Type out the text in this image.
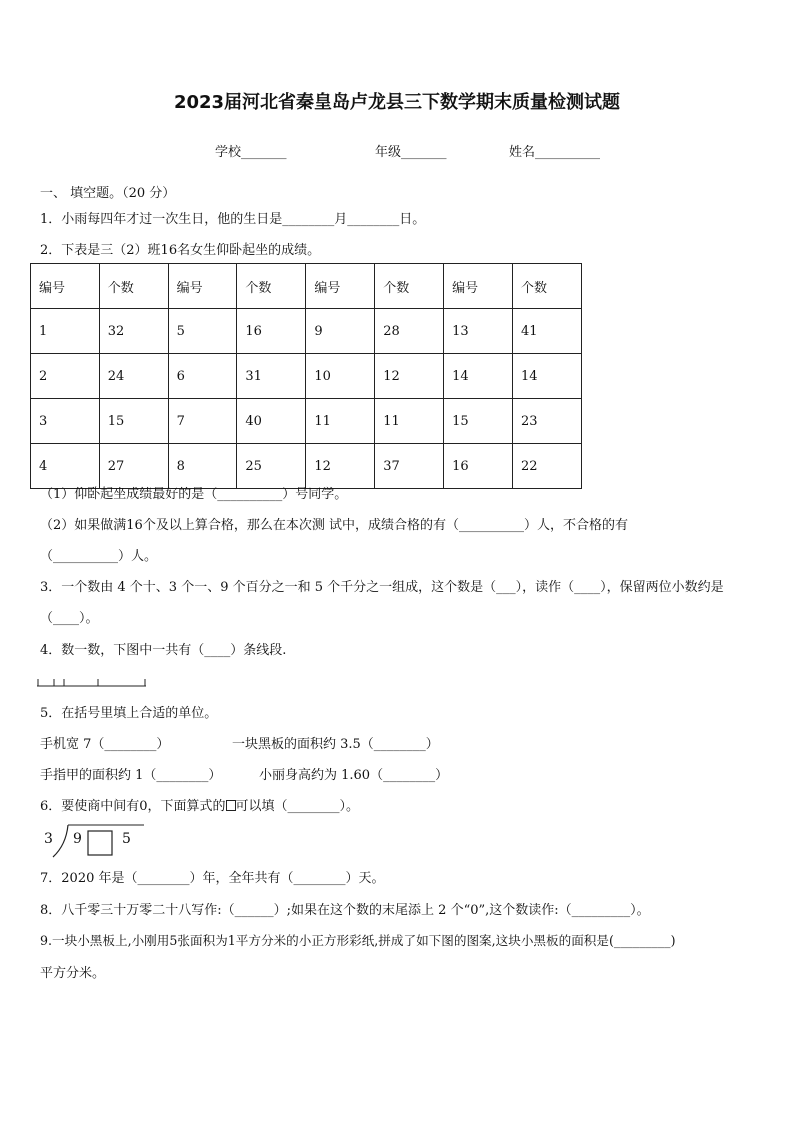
2023届河北省秦皇岛卢龙县三下数学期末质量检测试题
学校_______	年级_______	姓名__________
一、 填空题。（20 分）
1．小雨每四年才过一次生日，他的生日是________月________日。
2．下表是三（2）班16名女生仰卧起坐的成绩。
编号	个数	编号	个数	编号	个数	编号	个数
1	32	5	16	9	28	13	41
2	24	6	31	10	12	14	14
3	15	7	40	11	11	15	23
4	27	8	25	12	37	16	22
（1）仰卧起坐成绩最好的是（__________）号同学。
（2）如果做满16个及以上算合格，那么在本次测 试中，成绩合格的有（__________）人，不合格的有
（__________）人。
3．一个数由 4 个十、3 个一、9 个百分之一和 5 个千分之一组成，这个数是（___），读作（____），保留两位小数约是
（____）。
4．数一数，下图中一共有（____）条线段.
5．在括号里填上合适的单位。
手机宽 7（________）	一块黑板的面积约 3.5（________）
手指甲的面积约 1（________）	小丽身高约为 1.60（________）
6．要使商中间有0，下面算式的 可以填（________）。
3 9	5
7．2020 年是（________）年，全年共有（________）天。
8．八千零三十万零二十八写作:（______）;如果在这个数的末尾添上 2 个“0”,这个数读作:（_________）。
9.一块小黑板上,小刚用5张面积为1平方分米的小正方形彩纸,拼成了如下图的图案,这块小黑板的面积是(_________)
平方分米。
